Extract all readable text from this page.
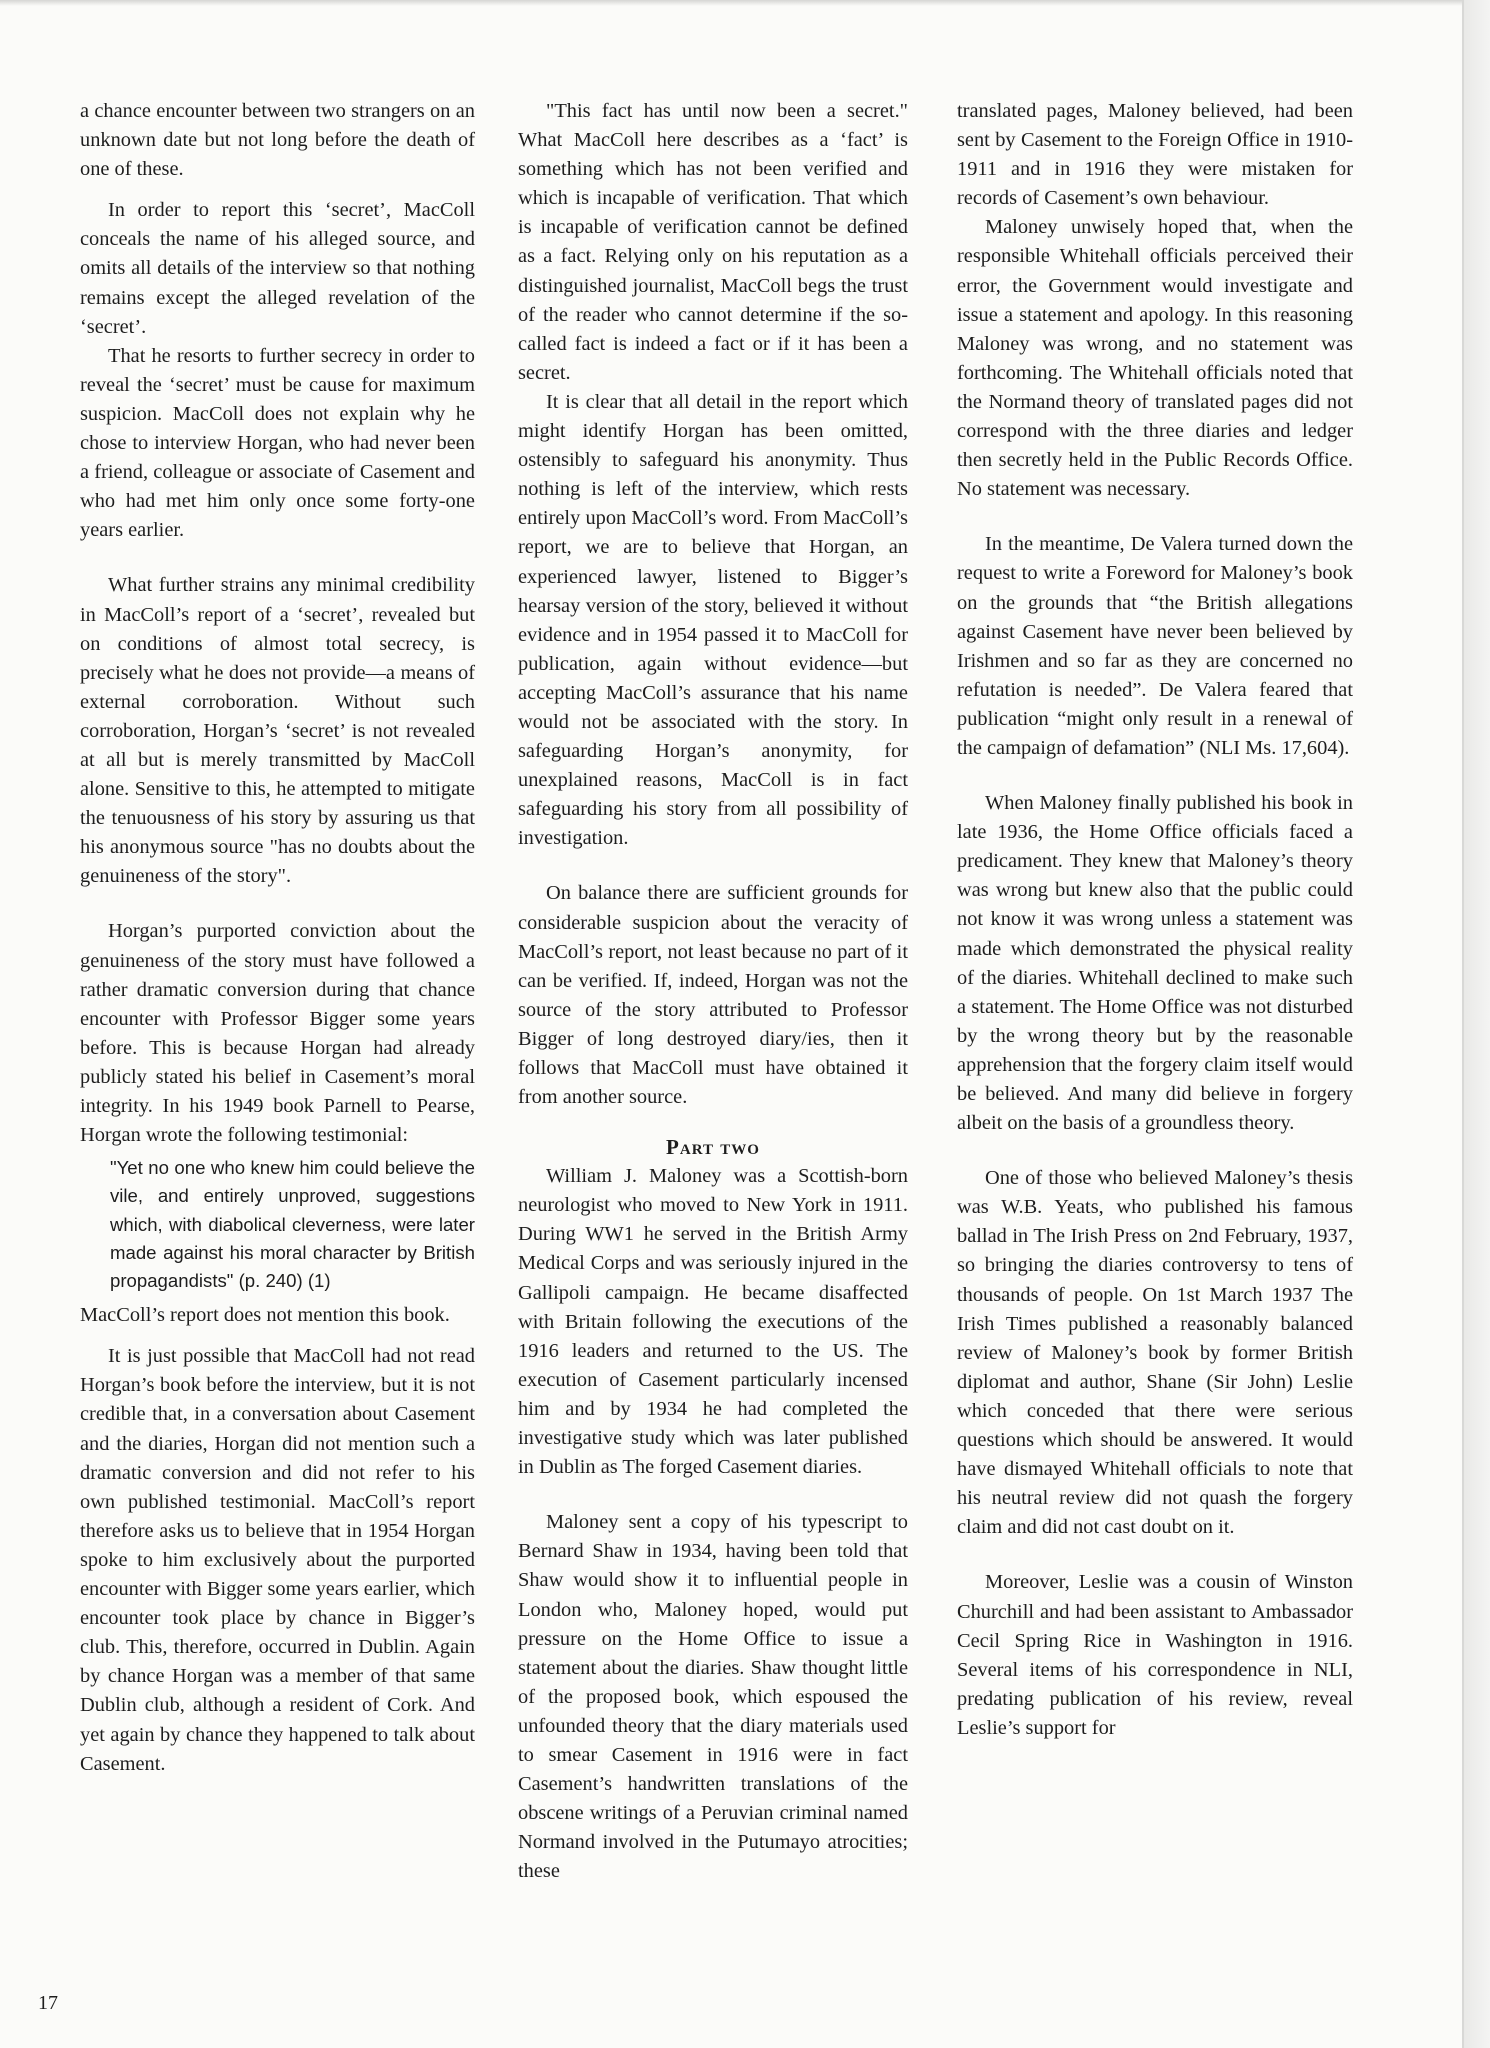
a chance encounter between two strangers on an unknown date but not long before the death of one of these.

In order to report this ‘secret’, MacColl conceals the name of his alleged source, and omits all details of the interview so that nothing remains except the alleged revelation of the ‘secret’.

That he resorts to further secrecy in order to reveal the ‘secret’ must be cause for maximum suspicion. MacColl does not explain why he chose to interview Horgan, who had never been a friend, colleague or associate of Casement and who had met him only once some forty-one years earlier.

What further strains any minimal credibility in MacColl’s report of a ‘secret’, revealed but on conditions of almost total secrecy, is precisely what he does not provide—a means of external corroboration. Without such corroboration, Horgan’s ‘secret’ is not revealed at all but is merely transmitted by MacColl alone. Sensitive to this, he attempted to mitigate the tenuousness of his story by assuring us that his anonymous source "has no doubts about the genuineness of the story".

Horgan’s purported conviction about the genuineness of the story must have followed a rather dramatic conversion during that chance encounter with Professor Bigger some years before. This is because Horgan had already publicly stated his belief in Casement’s moral integrity. In his 1949 book Parnell to Pearse, Horgan wrote the following testimonial:

"Yet no one who knew him could believe the vile, and entirely unproved, suggestions which, with diabolical cleverness, were later made against his moral character by British propagandists" (p. 240) (1)

MacColl’s report does not mention this book.

It is just possible that MacColl had not read Horgan’s book before the interview, but it is not credible that, in a conversation about Casement and the diaries, Horgan did not mention such a dramatic conversion and did not refer to his own published testimonial. MacColl’s report therefore asks us to believe that in 1954 Horgan spoke to him exclusively about the purported encounter with Bigger some years earlier, which encounter took place by chance in Bigger’s club. This, therefore, occurred in Dublin. Again by chance Horgan was a member of that same Dublin club, although a resident of Cork. And yet again by chance they happened to talk about Casement.

"This fact has until now been a secret." What MacColl here describes as a ‘fact’ is something which has not been verified and which is incapable of verification. That which is incapable of verification cannot be defined as a fact. Relying only on his reputation as a distinguished journalist, MacColl begs the trust of the reader who cannot determine if the so-called fact is indeed a fact or if it has been a secret.

It is clear that all detail in the report which might identify Horgan has been omitted, ostensibly to safeguard his anonymity. Thus nothing is left of the interview, which rests entirely upon MacColl’s word. From MacColl’s report, we are to believe that Horgan, an experienced lawyer, listened to Bigger’s hearsay version of the story, believed it without evidence and in 1954 passed it to MacColl for publication, again without evidence—but accepting MacColl’s assurance that his name would not be associated with the story. In safeguarding Horgan’s anonymity, for unexplained reasons, MacColl is in fact safeguarding his story from all possibility of investigation.

On balance there are sufficient grounds for considerable suspicion about the veracity of MacColl’s report, not least because no part of it can be verified. If, indeed, Horgan was not the source of the story attributed to Professor Bigger of long destroyed diary/ies, then it follows that MacColl must have obtained it from another source.

Part two

William J. Maloney was a Scottish-born neurologist who moved to New York in 1911. During WW1 he served in the British Army Medical Corps and was seriously injured in the Gallipoli campaign. He became disaffected with Britain following the executions of the 1916 leaders and returned to the US. The execution of Casement particularly incensed him and by 1934 he had completed the investigative study which was later published in Dublin as The forged Casement diaries.

Maloney sent a copy of his typescript to Bernard Shaw in 1934, having been told that Shaw would show it to influential people in London who, Maloney hoped, would put pressure on the Home Office to issue a statement about the diaries. Shaw thought little of the proposed book, which espoused the unfounded theory that the diary materials used to smear Casement in 1916 were in fact Casement’s handwritten translations of the obscene writings of a Peruvian criminal named Normand involved in the Putumayo atrocities; these

translated pages, Maloney believed, had been sent by Casement to the Foreign Office in 1910-1911 and in 1916 they were mistaken for records of Casement’s own behaviour.

Maloney unwisely hoped that, when the responsible Whitehall officials perceived their error, the Government would investigate and issue a statement and apology. In this reasoning Maloney was wrong, and no statement was forthcoming. The Whitehall officials noted that the Normand theory of translated pages did not correspond with the three diaries and ledger then secretly held in the Public Records Office. No statement was necessary.

In the meantime, De Valera turned down the request to write a Foreword for Maloney’s book on the grounds that “the British allegations against Casement have never been believed by Irishmen and so far as they are concerned no refutation is needed”. De Valera feared that publication “might only result in a renewal of the campaign of defamation” (NLI Ms. 17,604).

When Maloney finally published his book in late 1936, the Home Office officials faced a predicament. They knew that Maloney’s theory was wrong but knew also that the public could not know it was wrong unless a statement was made which demonstrated the physical reality of the diaries. Whitehall declined to make such a statement. The Home Office was not disturbed by the wrong theory but by the reasonable apprehension that the forgery claim itself would be believed. And many did believe in forgery albeit on the basis of a groundless theory.

One of those who believed Maloney’s thesis was W.B. Yeats, who published his famous ballad in The Irish Press on 2nd February, 1937, so bringing the diaries controversy to tens of thousands of people. On 1st March 1937 The Irish Times published a reasonably balanced review of Maloney’s book by former British diplomat and author, Shane (Sir John) Leslie which conceded that there were serious questions which should be answered. It would have dismayed Whitehall officials to note that his neutral review did not quash the forgery claim and did not cast doubt on it.

Moreover, Leslie was a cousin of Winston Churchill and had been assistant to Ambassador Cecil Spring Rice in Washington in 1916. Several items of his correspondence in NLI, predating publication of his review, reveal Leslie’s support for

17
